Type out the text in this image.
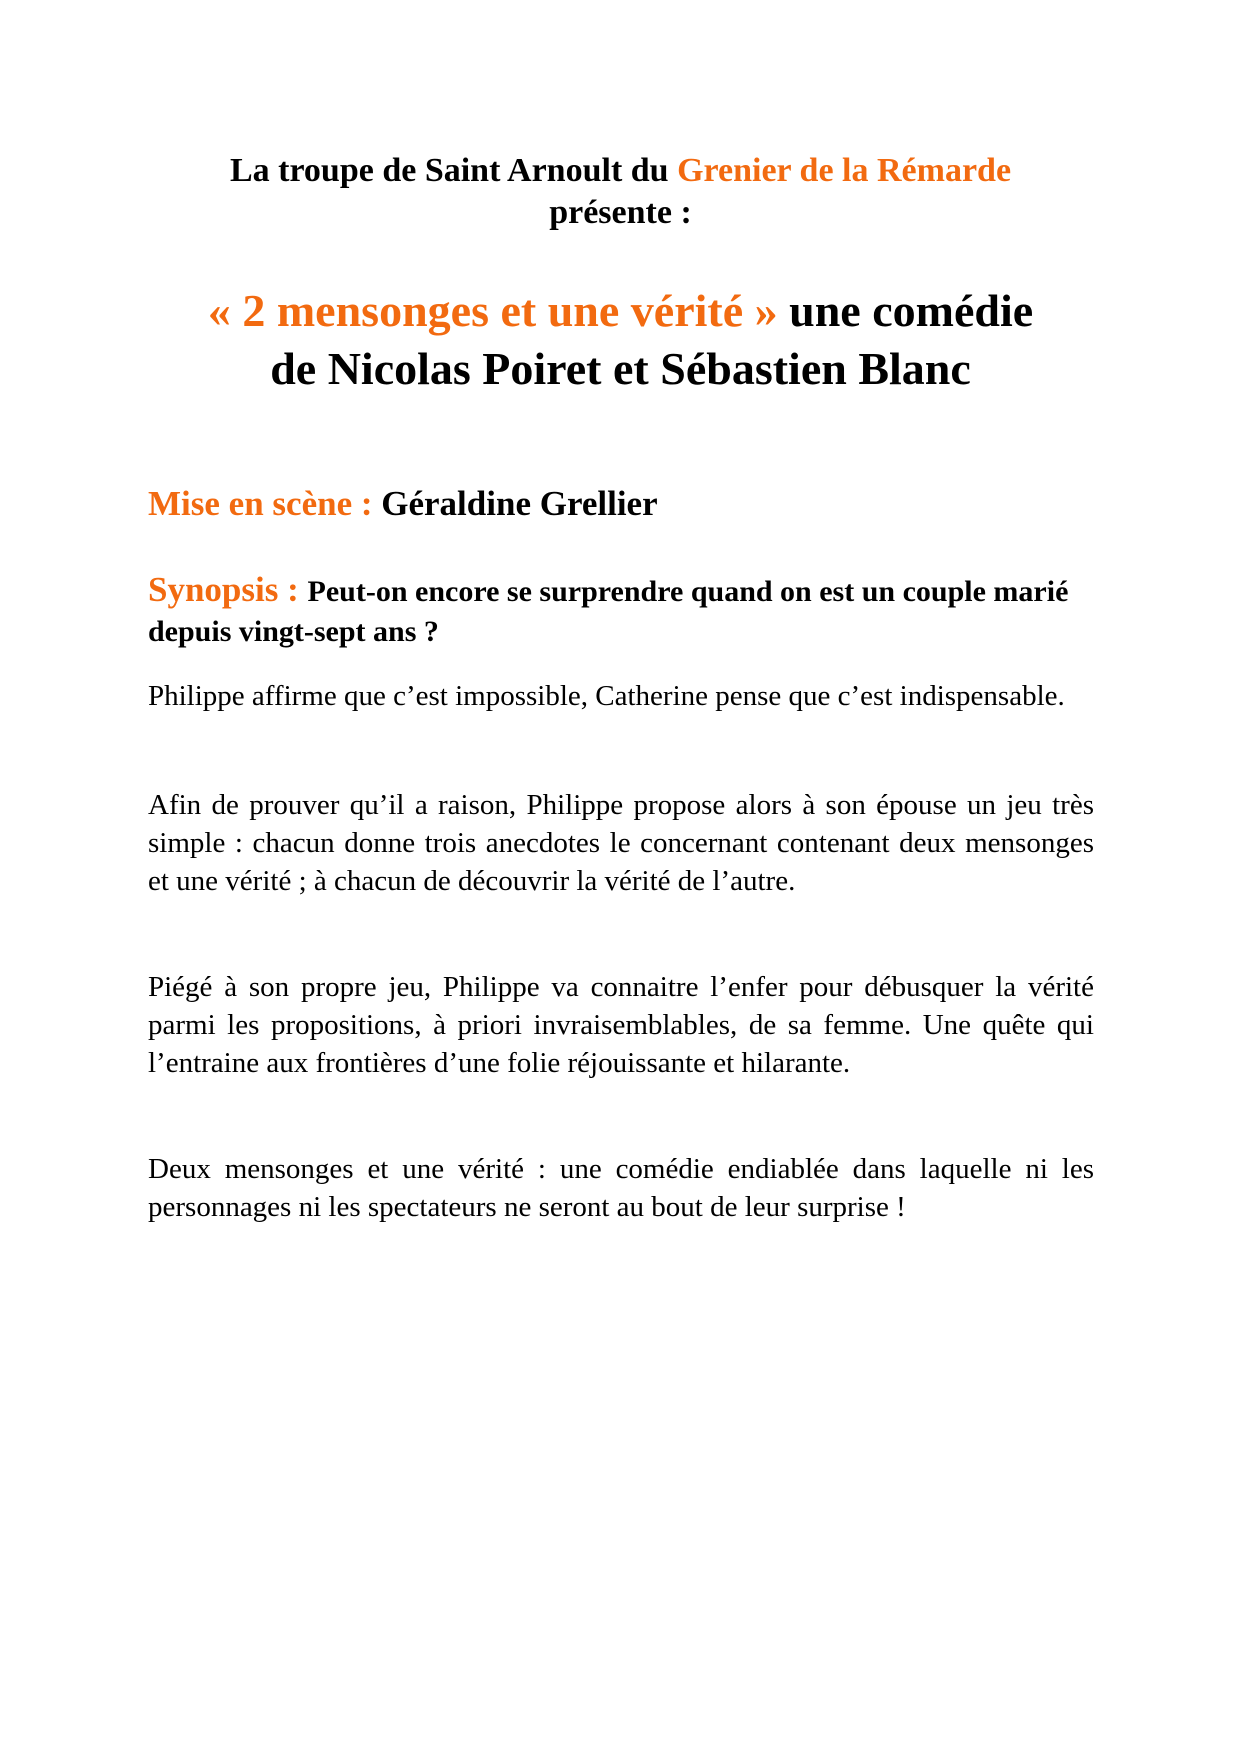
La troupe de Saint Arnoult du Grenier de la Rémarde
présente :

« 2 mensonges et une vérité » une comédie
de Nicolas Poiret et Sébastien Blanc

Mise en scène : Géraldine Grellier

Synopsis : Peut-on encore se surprendre quand on est un couple marié depuis vingt-sept ans ?

Philippe affirme que c’est impossible, Catherine pense que c’est indispensable.

Afin de prouver qu’il a raison, Philippe propose alors à son épouse un jeu très simple : chacun donne trois anecdotes le concernant contenant deux mensonges et une vérité ; à chacun de découvrir la vérité de l’autre.

Piégé à son propre jeu, Philippe va connaitre l’enfer pour débusquer la vérité parmi les propositions, à priori invraisemblables, de sa femme. Une quête qui l’entraine aux frontières d’une folie réjouissante et hilarante.

Deux mensonges et une vérité : une comédie endiablée dans laquelle ni les personnages ni les spectateurs ne seront au bout de leur surprise !
